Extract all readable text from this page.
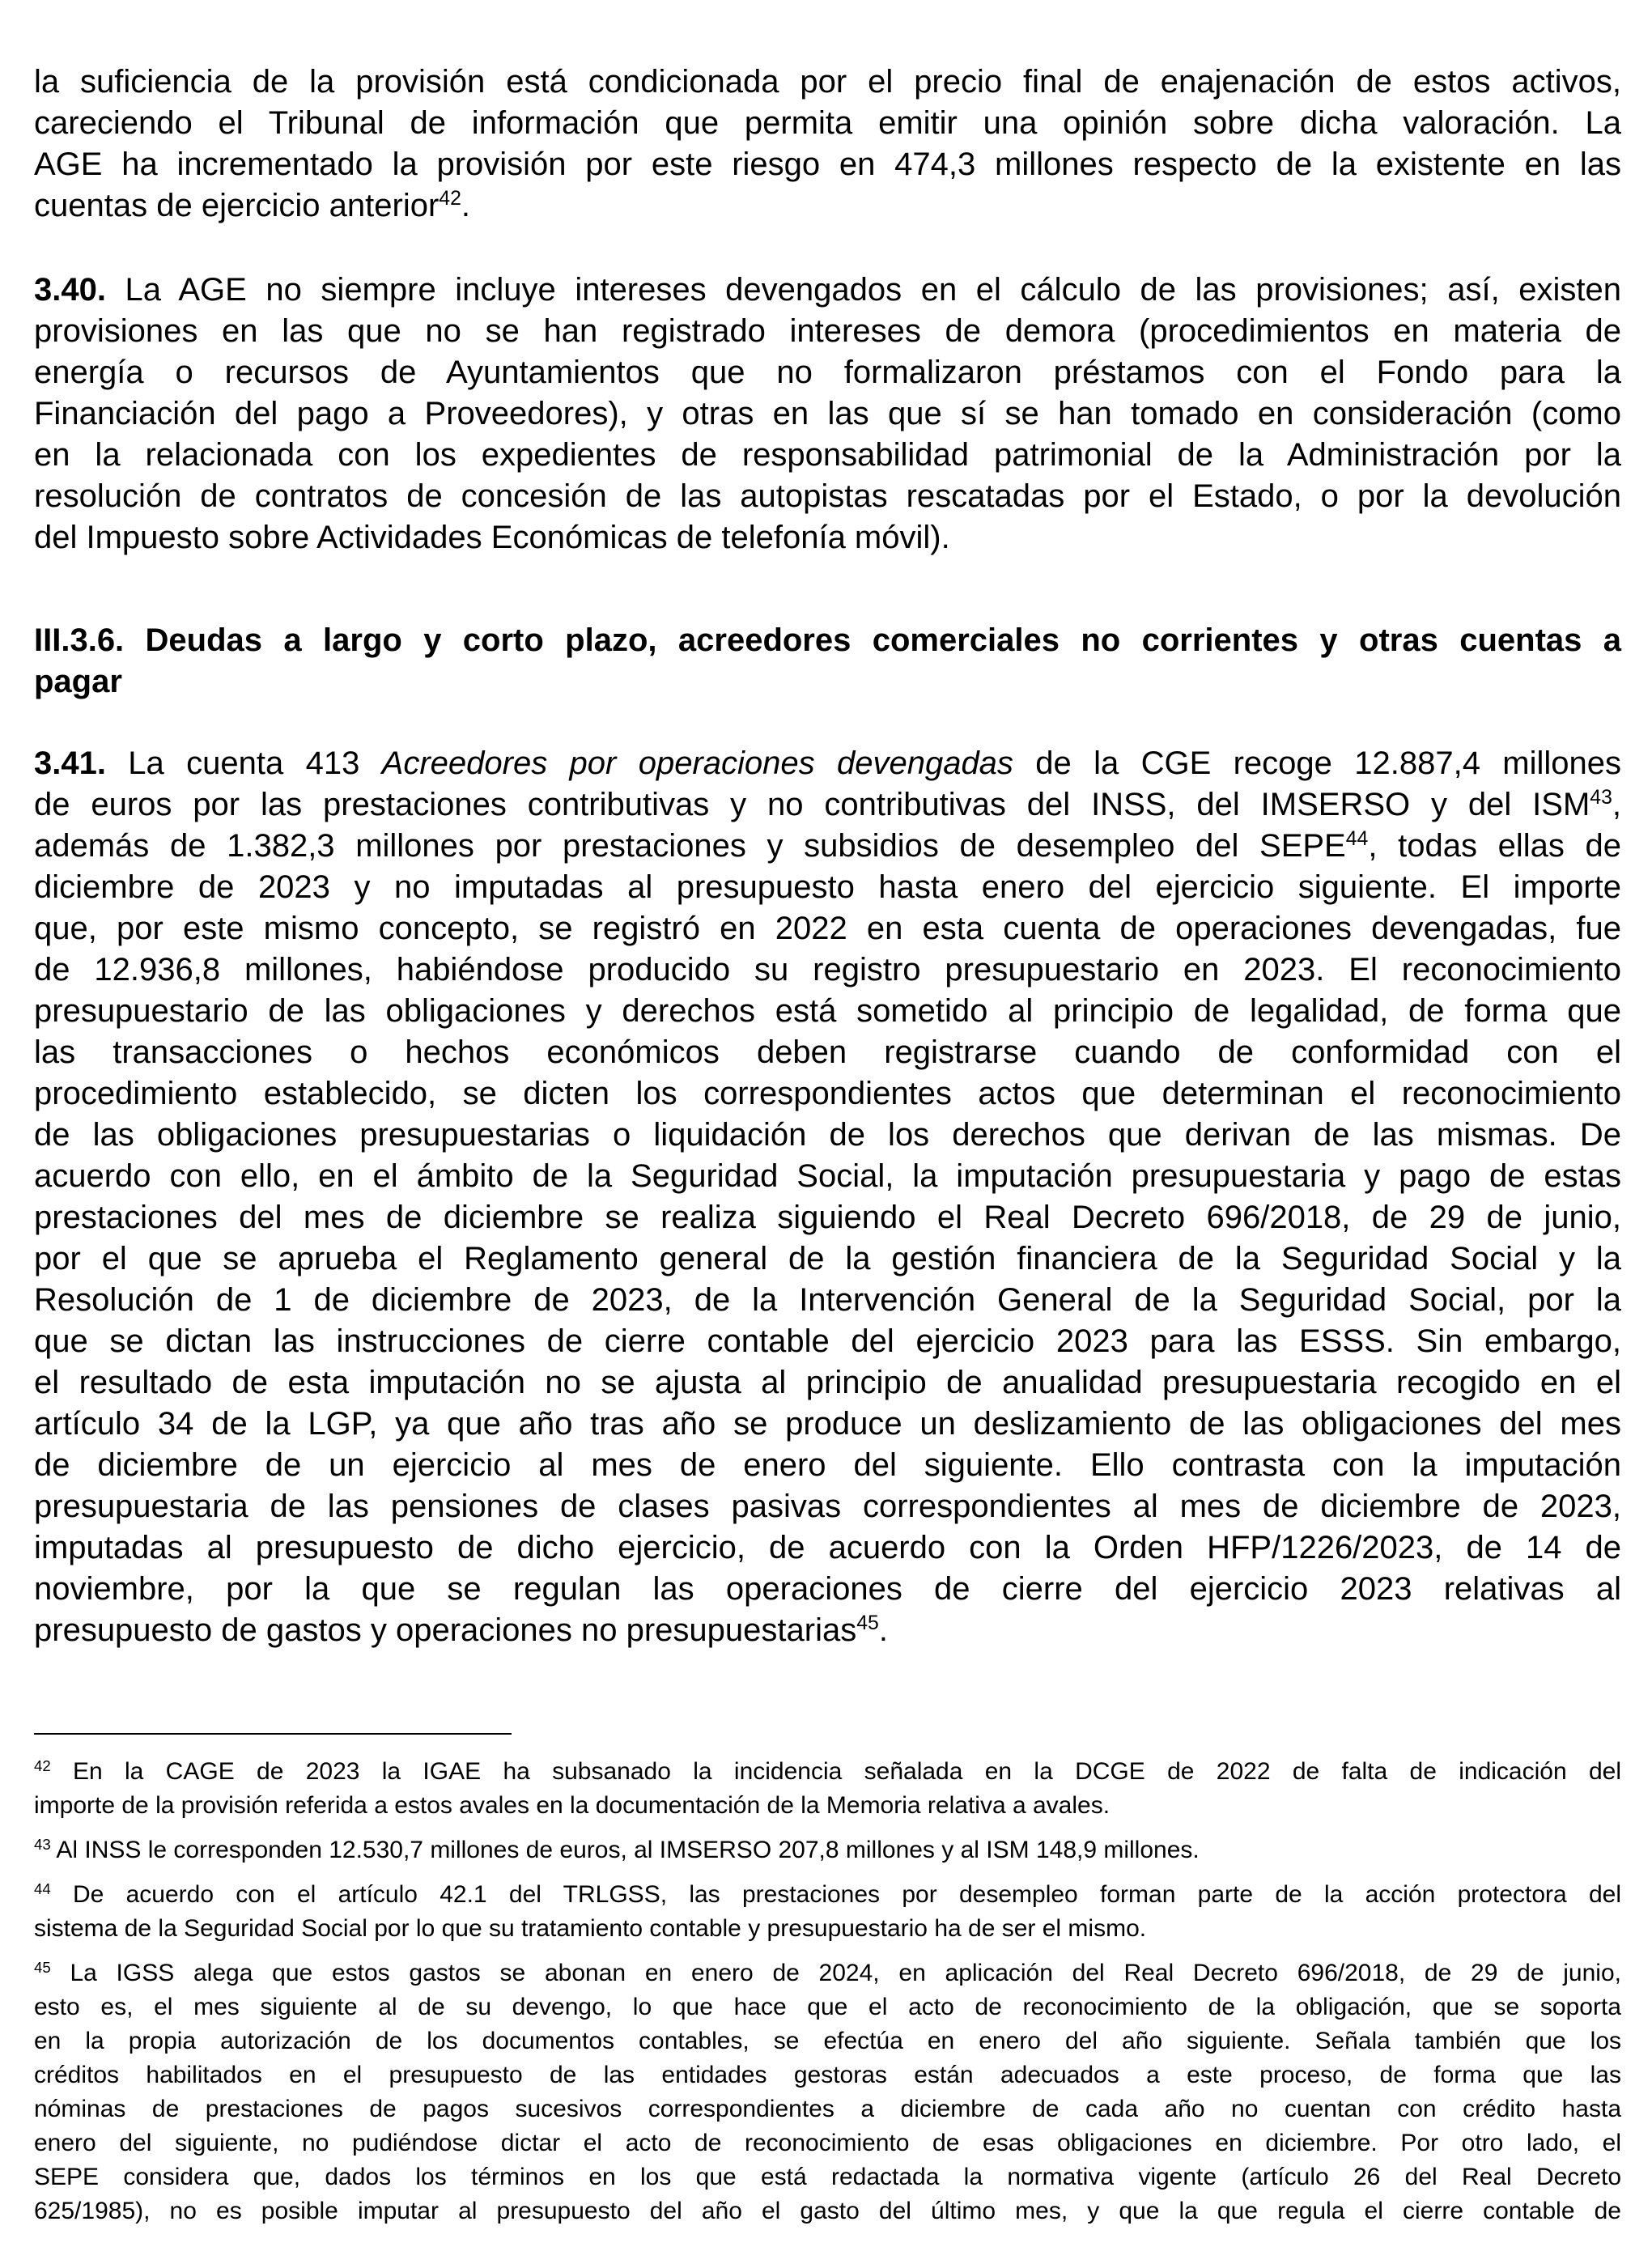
la suficiencia de la provisión está condicionada por el precio final de enajenación de estos activos,
careciendo el Tribunal de información que permita emitir una opinión sobre dicha valoración. La
AGE ha incrementado la provisión por este riesgo en 474,3 millones respecto de la existente en las
cuentas de ejercicio anterior$^{42}$.
3.40. La AGE no siempre incluye intereses devengados en el cálculo de las provisiones; así, existen
provisiones en las que no se han registrado intereses de demora (procedimientos en materia de
energía o recursos de Ayuntamientos que no formalizaron préstamos con el Fondo para la
Financiación del pago a Proveedores), y otras en las que sí se han tomado en consideración (como
en la relacionada con los expedientes de responsabilidad patrimonial de la Administración por la
resolución de contratos de concesión de las autopistas rescatadas por el Estado, o por la devolución
del Impuesto sobre Actividades Económicas de telefonía móvil).
III.3.6. Deudas a largo y corto plazo, acreedores comerciales no corrientes y otras cuentas a
pagar
3.41. La cuenta 413 Acreedores por operaciones devengadas de la CGE recoge 12.887,4 millones
de euros por las prestaciones contributivas y no contributivas del INSS, del IMSERSO y del ISM$^{43}$,
además de 1.382,3 millones por prestaciones y subsidios de desempleo del SEPE$^{44}$, todas ellas de
diciembre de 2023 y no imputadas al presupuesto hasta enero del ejercicio siguiente. El importe
que, por este mismo concepto, se registró en 2022 en esta cuenta de operaciones devengadas, fue
de 12.936,8 millones, habiéndose producido su registro presupuestario en 2023. El reconocimiento
presupuestario de las obligaciones y derechos está sometido al principio de legalidad, de forma que
las transacciones o hechos económicos deben registrarse cuando de conformidad con el
procedimiento establecido, se dicten los correspondientes actos que determinan el reconocimiento
de las obligaciones presupuestarias o liquidación de los derechos que derivan de las mismas. De
acuerdo con ello, en el ámbito de la Seguridad Social, la imputación presupuestaria y pago de estas
prestaciones del mes de diciembre se realiza siguiendo el Real Decreto 696/2018, de 29 de junio,
por el que se aprueba el Reglamento general de la gestión financiera de la Seguridad Social y la
Resolución de 1 de diciembre de 2023, de la Intervención General de la Seguridad Social, por la
que se dictan las instrucciones de cierre contable del ejercicio 2023 para las ESSS. Sin embargo,
el resultado de esta imputación no se ajusta al principio de anualidad presupuestaria recogido en el
artículo 34 de la LGP, ya que año tras año se produce un deslizamiento de las obligaciones del mes
de diciembre de un ejercicio al mes de enero del siguiente. Ello contrasta con la imputación
presupuestaria de las pensiones de clases pasivas correspondientes al mes de diciembre de 2023,
imputadas al presupuesto de dicho ejercicio, de acuerdo con la Orden HFP/1226/2023, de 14 de
noviembre, por la que se regulan las operaciones de cierre del ejercicio 2023 relativas al
presupuesto de gastos y operaciones no presupuestarias$^{45}$.
$^{42}$ En la CAGE de 2023 la IGAE ha subsanado la incidencia señalada en la DCGE de 2022 de falta de indicación del
importe de la provisión referida a estos avales en la documentación de la Memoria relativa a avales.
$^{43}$ Al INSS le corresponden 12.530,7 millones de euros, al IMSERSO 207,8 millones y al ISM 148,9 millones.
$^{44}$ De acuerdo con el artículo 42.1 del TRLGSS, las prestaciones por desempleo forman parte de la acción protectora del
sistema de la Seguridad Social por lo que su tratamiento contable y presupuestario ha de ser el mismo.
$^{45}$ La IGSS alega que estos gastos se abonan en enero de 2024, en aplicación del Real Decreto 696/2018, de 29 de junio,
esto es, el mes siguiente al de su devengo, lo que hace que el acto de reconocimiento de la obligación, que se soporta
en la propia autorización de los documentos contables, se efectúa en enero del año siguiente. Señala también que los
créditos habilitados en el presupuesto de las entidades gestoras están adecuados a este proceso, de forma que las
nóminas de prestaciones de pagos sucesivos correspondientes a diciembre de cada año no cuentan con crédito hasta
enero del siguiente, no pudiéndose dictar el acto de reconocimiento de esas obligaciones en diciembre. Por otro lado, el
SEPE considera que, dados los términos en los que está redactada la normativa vigente (artículo 26 del Real Decreto
625/1985), no es posible imputar al presupuesto del año el gasto del último mes, y que la que regula el cierre contable de
